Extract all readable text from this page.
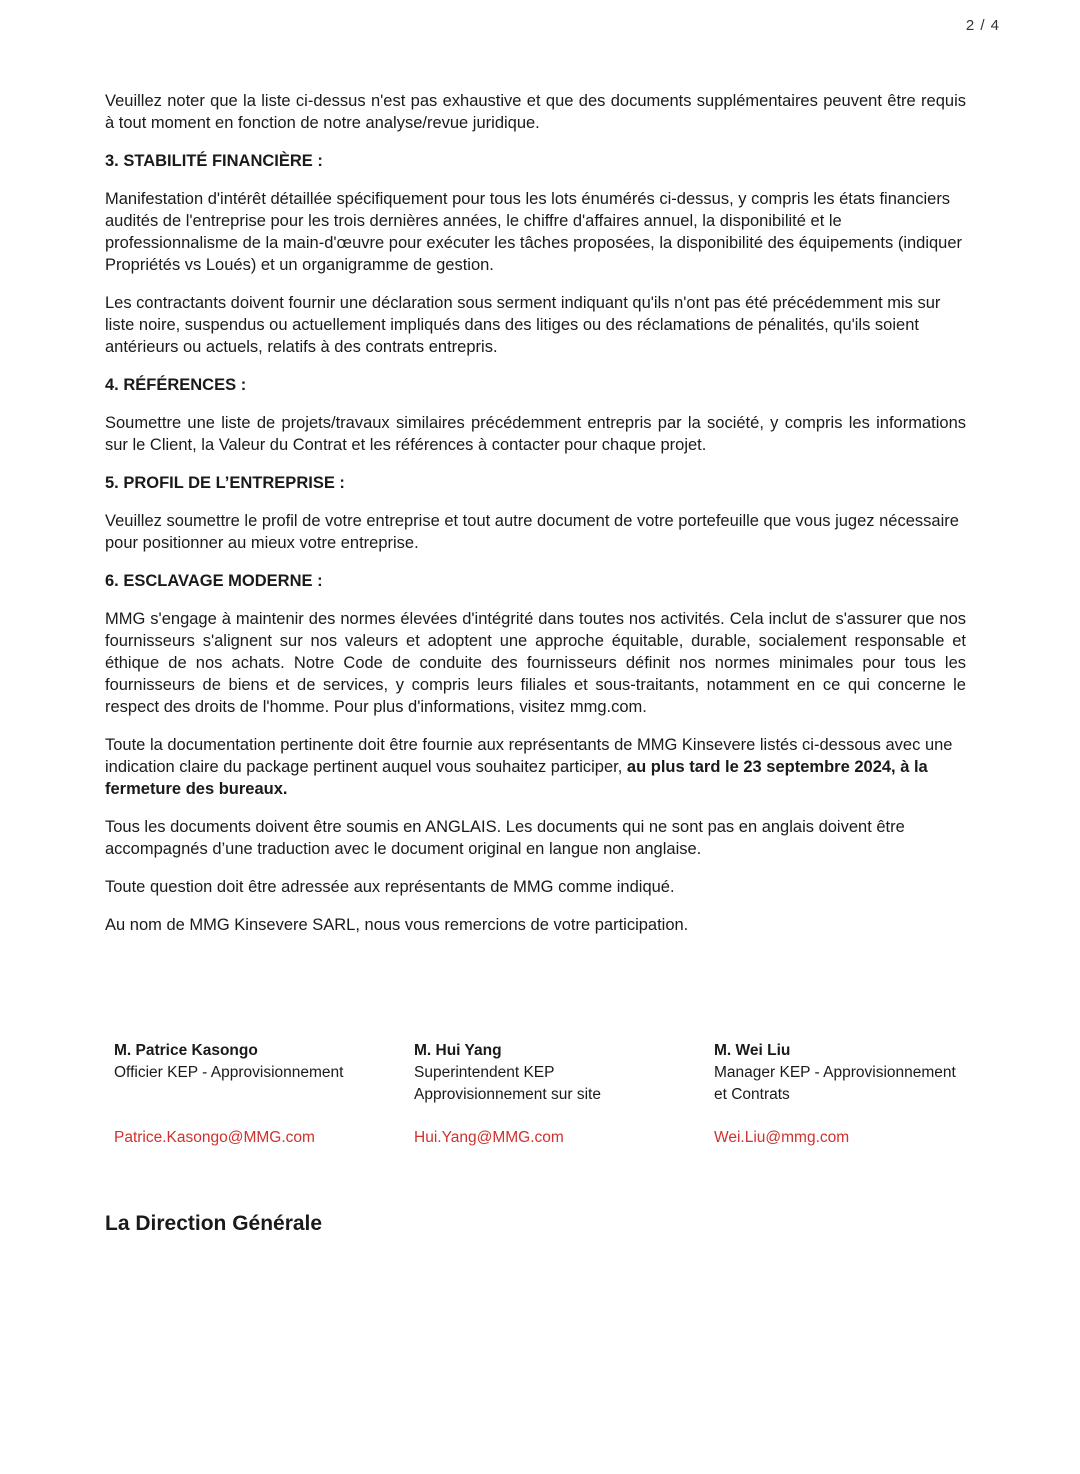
2 / 4

Veuillez noter que la liste ci-dessus n'est pas exhaustive et que des documents supplémentaires peuvent être requis à tout moment en fonction de notre analyse/revue juridique.

3. STABILITÉ FINANCIÈRE :

Manifestation d'intérêt détaillée spécifiquement pour tous les lots énumérés ci-dessus, y compris les états financiers audités de l'entreprise pour les trois dernières années, le chiffre d'affaires annuel, la disponibilité et le professionnalisme de la main-d'œuvre pour exécuter les tâches proposées, la disponibilité des équipements (indiquer Propriétés vs Loués) et un organigramme de gestion.

Les contractants doivent fournir une déclaration sous serment indiquant qu'ils n'ont pas été précédemment mis sur liste noire, suspendus ou actuellement impliqués dans des litiges ou des réclamations de pénalités, qu'ils soient antérieurs ou actuels, relatifs à des contrats entrepris.

4. RÉFÉRENCES :

Soumettre une liste de projets/travaux similaires précédemment entrepris par la société, y compris les informations sur le Client, la Valeur du Contrat et les références à contacter pour chaque projet.

5. PROFIL DE L’ENTREPRISE :

Veuillez soumettre le profil de votre entreprise et tout autre document de votre portefeuille que vous jugez nécessaire pour positionner au mieux votre entreprise.

6. ESCLAVAGE MODERNE :

MMG s'engage à maintenir des normes élevées d'intégrité dans toutes nos activités. Cela inclut de s'assurer que nos fournisseurs s'alignent sur nos valeurs et adoptent une approche équitable, durable, socialement responsable et éthique de nos achats. Notre Code de conduite des fournisseurs définit nos normes minimales pour tous les fournisseurs de biens et de services, y compris leurs filiales et sous-traitants, notamment en ce qui concerne le respect des droits de l'homme. Pour plus d'informations, visitez mmg.com.

Toute la documentation pertinente doit être fournie aux représentants de MMG Kinsevere listés ci-dessous avec une indication claire du package pertinent auquel vous souhaitez participer, au plus tard le 23 septembre 2024, à la fermeture des bureaux.

Tous les documents doivent être soumis en ANGLAIS. Les documents qui ne sont pas en anglais doivent être accompagnés d’une traduction avec le document original en langue non anglaise.

Toute question doit être adressée aux représentants de MMG comme indiqué.

Au nom de MMG Kinsevere SARL, nous vous remercions de votre participation.

M. Patrice Kasongo
Officier KEP - Approvisionnement
Patrice.Kasongo@MMG.com
M. Hui Yang
Superintendent KEP
Approvisionnement sur site
Hui.Yang@MMG.com
M. Wei Liu
Manager KEP - Approvisionnement
et Contrats
Wei.Liu@mmg.com
La Direction Générale
